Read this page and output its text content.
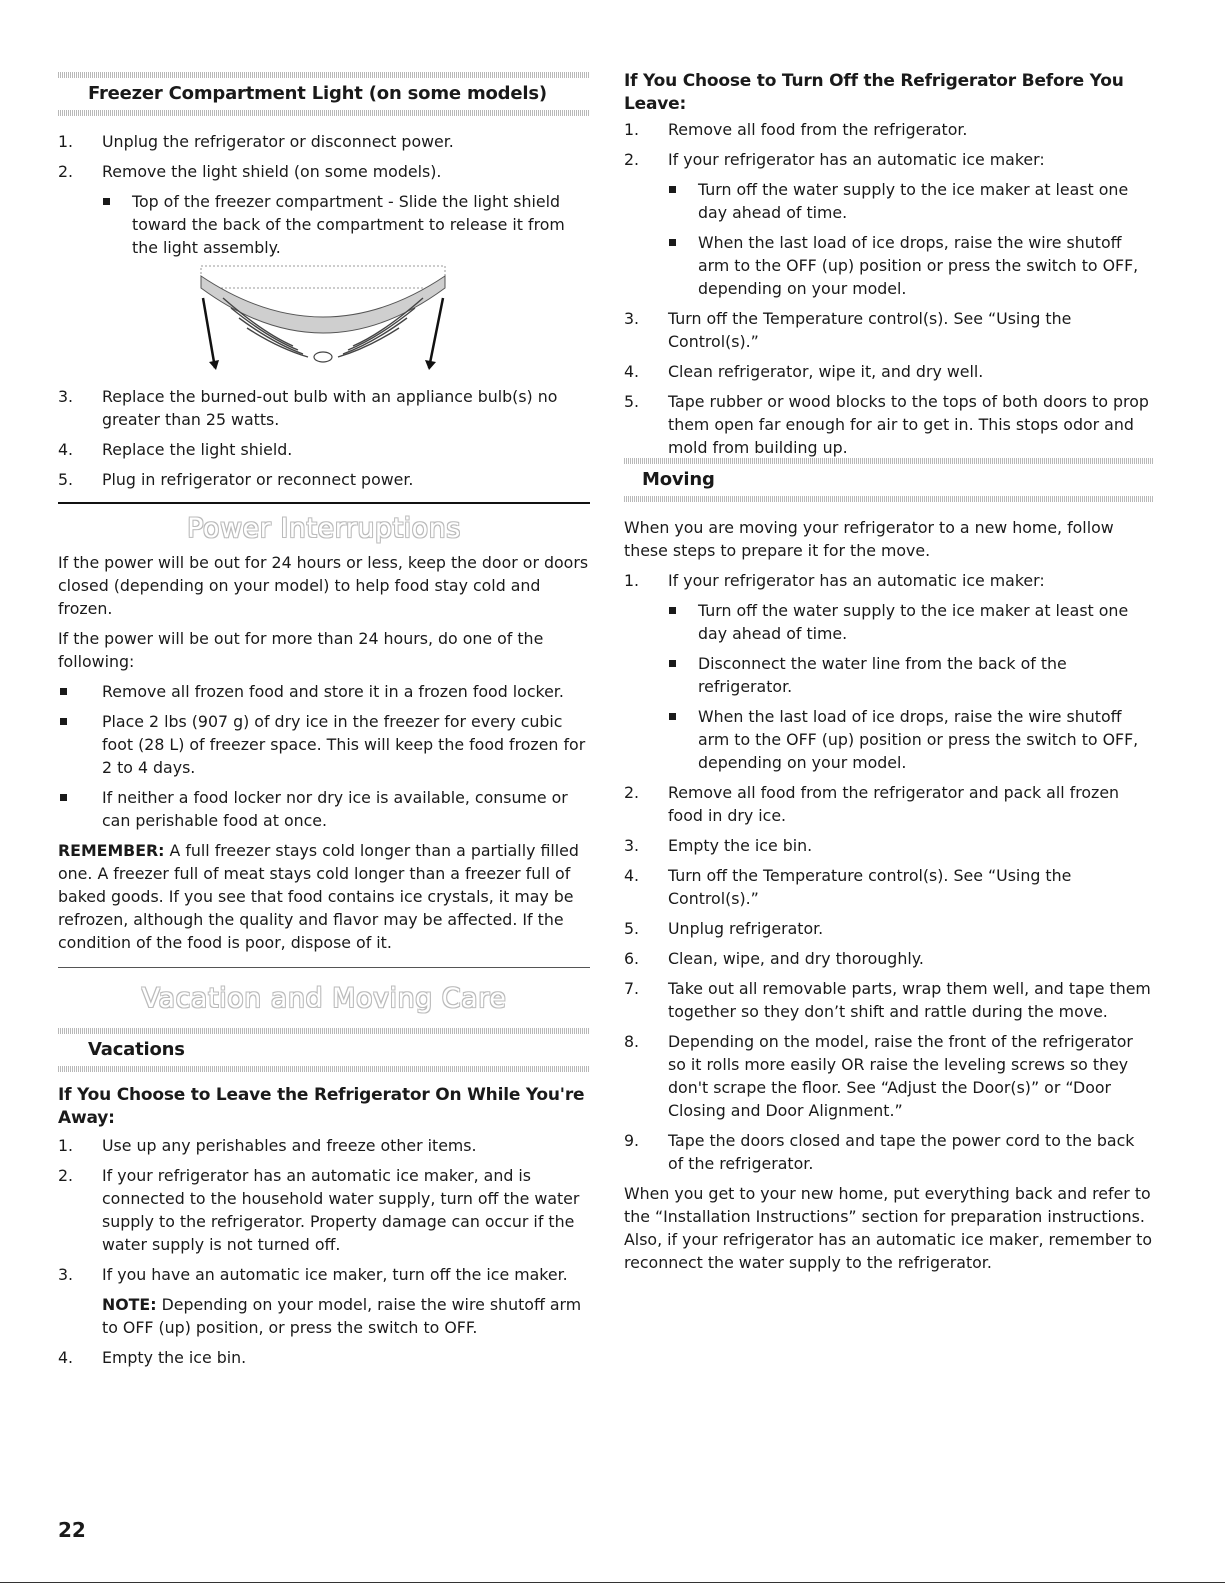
Freezer Compartment Light (on some models)
1. Unplug the refrigerator or disconnect power.
2. Remove the light shield (on some models).
Top of the freezer compartment - Slide the light shield toward the back of the compartment to release it from the light assembly.
3. Replace the burned-out bulb with an appliance bulb(s) no greater than 25 watts.
4. Replace the light shield.
5. Plug in refrigerator or reconnect power.
Power Interruptions

If the power will be out for 24 hours or less, keep the door or doors closed (depending on your model) to help food stay cold and frozen.

If the power will be out for more than 24 hours, do one of the following:

Remove all frozen food and store it in a frozen food locker.
Place 2 lbs (907 g) of dry ice in the freezer for every cubic foot (28 L) of freezer space. This will keep the food frozen for 2 to 4 days.
If neither a food locker nor dry ice is available, consume or can perishable food at once.

REMEMBER: A full freezer stays cold longer than a partially filled one. A freezer full of meat stays cold longer than a freezer full of baked goods. If you see that food contains ice crystals, it may be refrozen, although the quality and flavor may be affected. If the condition of the food is poor, dispose of it.

Vacation and Moving Care
Vacations
If You Choose to Leave the Refrigerator On While You're Away:
1. Use up any perishables and freeze other items.
2. If your refrigerator has an automatic ice maker, and is connected to the household water supply, turn off the water supply to the refrigerator. Property damage can occur if the water supply is not turned off.
3. If you have an automatic ice maker, turn off the ice maker.

NOTE: Depending on your model, raise the wire shutoff arm to OFF (up) position, or press the switch to OFF.

4. Empty the ice bin.
22
If You Choose to Turn Off the Refrigerator Before You Leave:
1. Remove all food from the refrigerator.
2. If your refrigerator has an automatic ice maker:
Turn off the water supply to the ice maker at least one day ahead of time.
When the last load of ice drops, raise the wire shutoff arm to the OFF (up) position or press the switch to OFF, depending on your model.
3. Turn off the Temperature control(s). See “Using the Control(s).”
4. Clean refrigerator, wipe it, and dry well.
5. Tape rubber or wood blocks to the tops of both doors to prop them open far enough for air to get in. This stops odor and mold from building up.
Moving

When you are moving your refrigerator to a new home, follow these steps to prepare it for the move.

1. If your refrigerator has an automatic ice maker:
Turn off the water supply to the ice maker at least one day ahead of time.
Disconnect the water line from the back of the refrigerator.
When the last load of ice drops, raise the wire shutoff arm to the OFF (up) position or press the switch to OFF, depending on your model.
2. Remove all food from the refrigerator and pack all frozen food in dry ice.
3. Empty the ice bin.
4. Turn off the Temperature control(s). See “Using the Control(s).”
5. Unplug refrigerator.
6. Clean, wipe, and dry thoroughly.
7. Take out all removable parts, wrap them well, and tape them together so they don’t shift and rattle during the move.
8. Depending on the model, raise the front of the refrigerator so it rolls more easily OR raise the leveling screws so they don't scrape the floor. See “Adjust the Door(s)” or “Door Closing and Door Alignment.”
9. Tape the doors closed and tape the power cord to the back of the refrigerator.

When you get to your new home, put everything back and refer to the “Installation Instructions” section for preparation instructions. Also, if your refrigerator has an automatic ice maker, remember to reconnect the water supply to the refrigerator.
